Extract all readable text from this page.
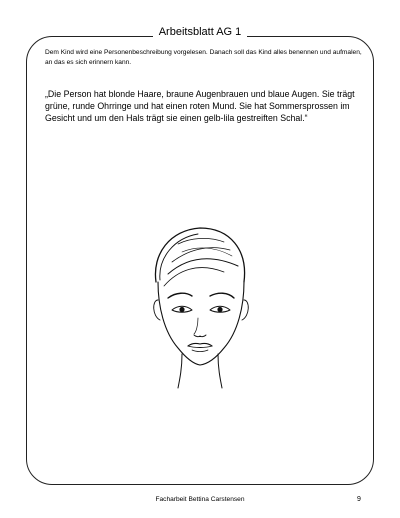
Arbeitsblatt AG 1
Dem Kind wird eine Personenbeschreibung vorgelesen. Danach soll das Kind alles benennen und aufmalen, an das es sich erinnern kann.
„Die Person hat blonde Haare, braune Augenbrauen und blaue Augen. Sie trägt grüne, runde Ohrringe und hat einen roten Mund. Sie hat Sommersprossen im Gesicht und um den Hals trägt sie einen gelb-lila gestreiften Schal.“
Facharbeit Bettina Carstensen	9
